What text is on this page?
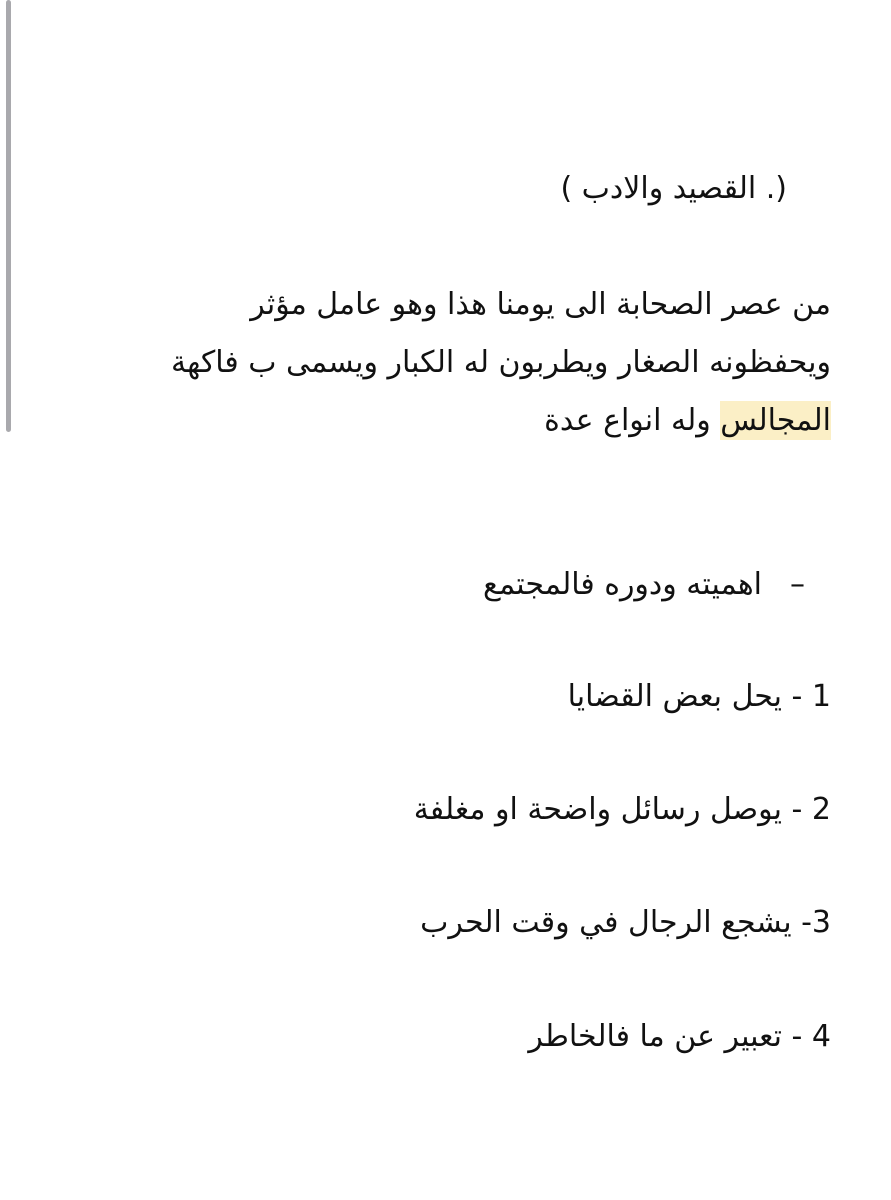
(. القصيد والادب )
من عصر الصحابة الى يومنا هذا وهو عامل مؤثر
ويحفظونه الصغار ويطربون له الكبار ويسمى ب فاكهة
المجالس وله انواع عدة
–اهميته ودوره فالمجتمع
1 - يحل بعض القضايا
2 - يوصل رسائل واضحة او مغلفة
3- يشجع الرجال في وقت الحرب
4 - تعبير عن ما فالخاطر
